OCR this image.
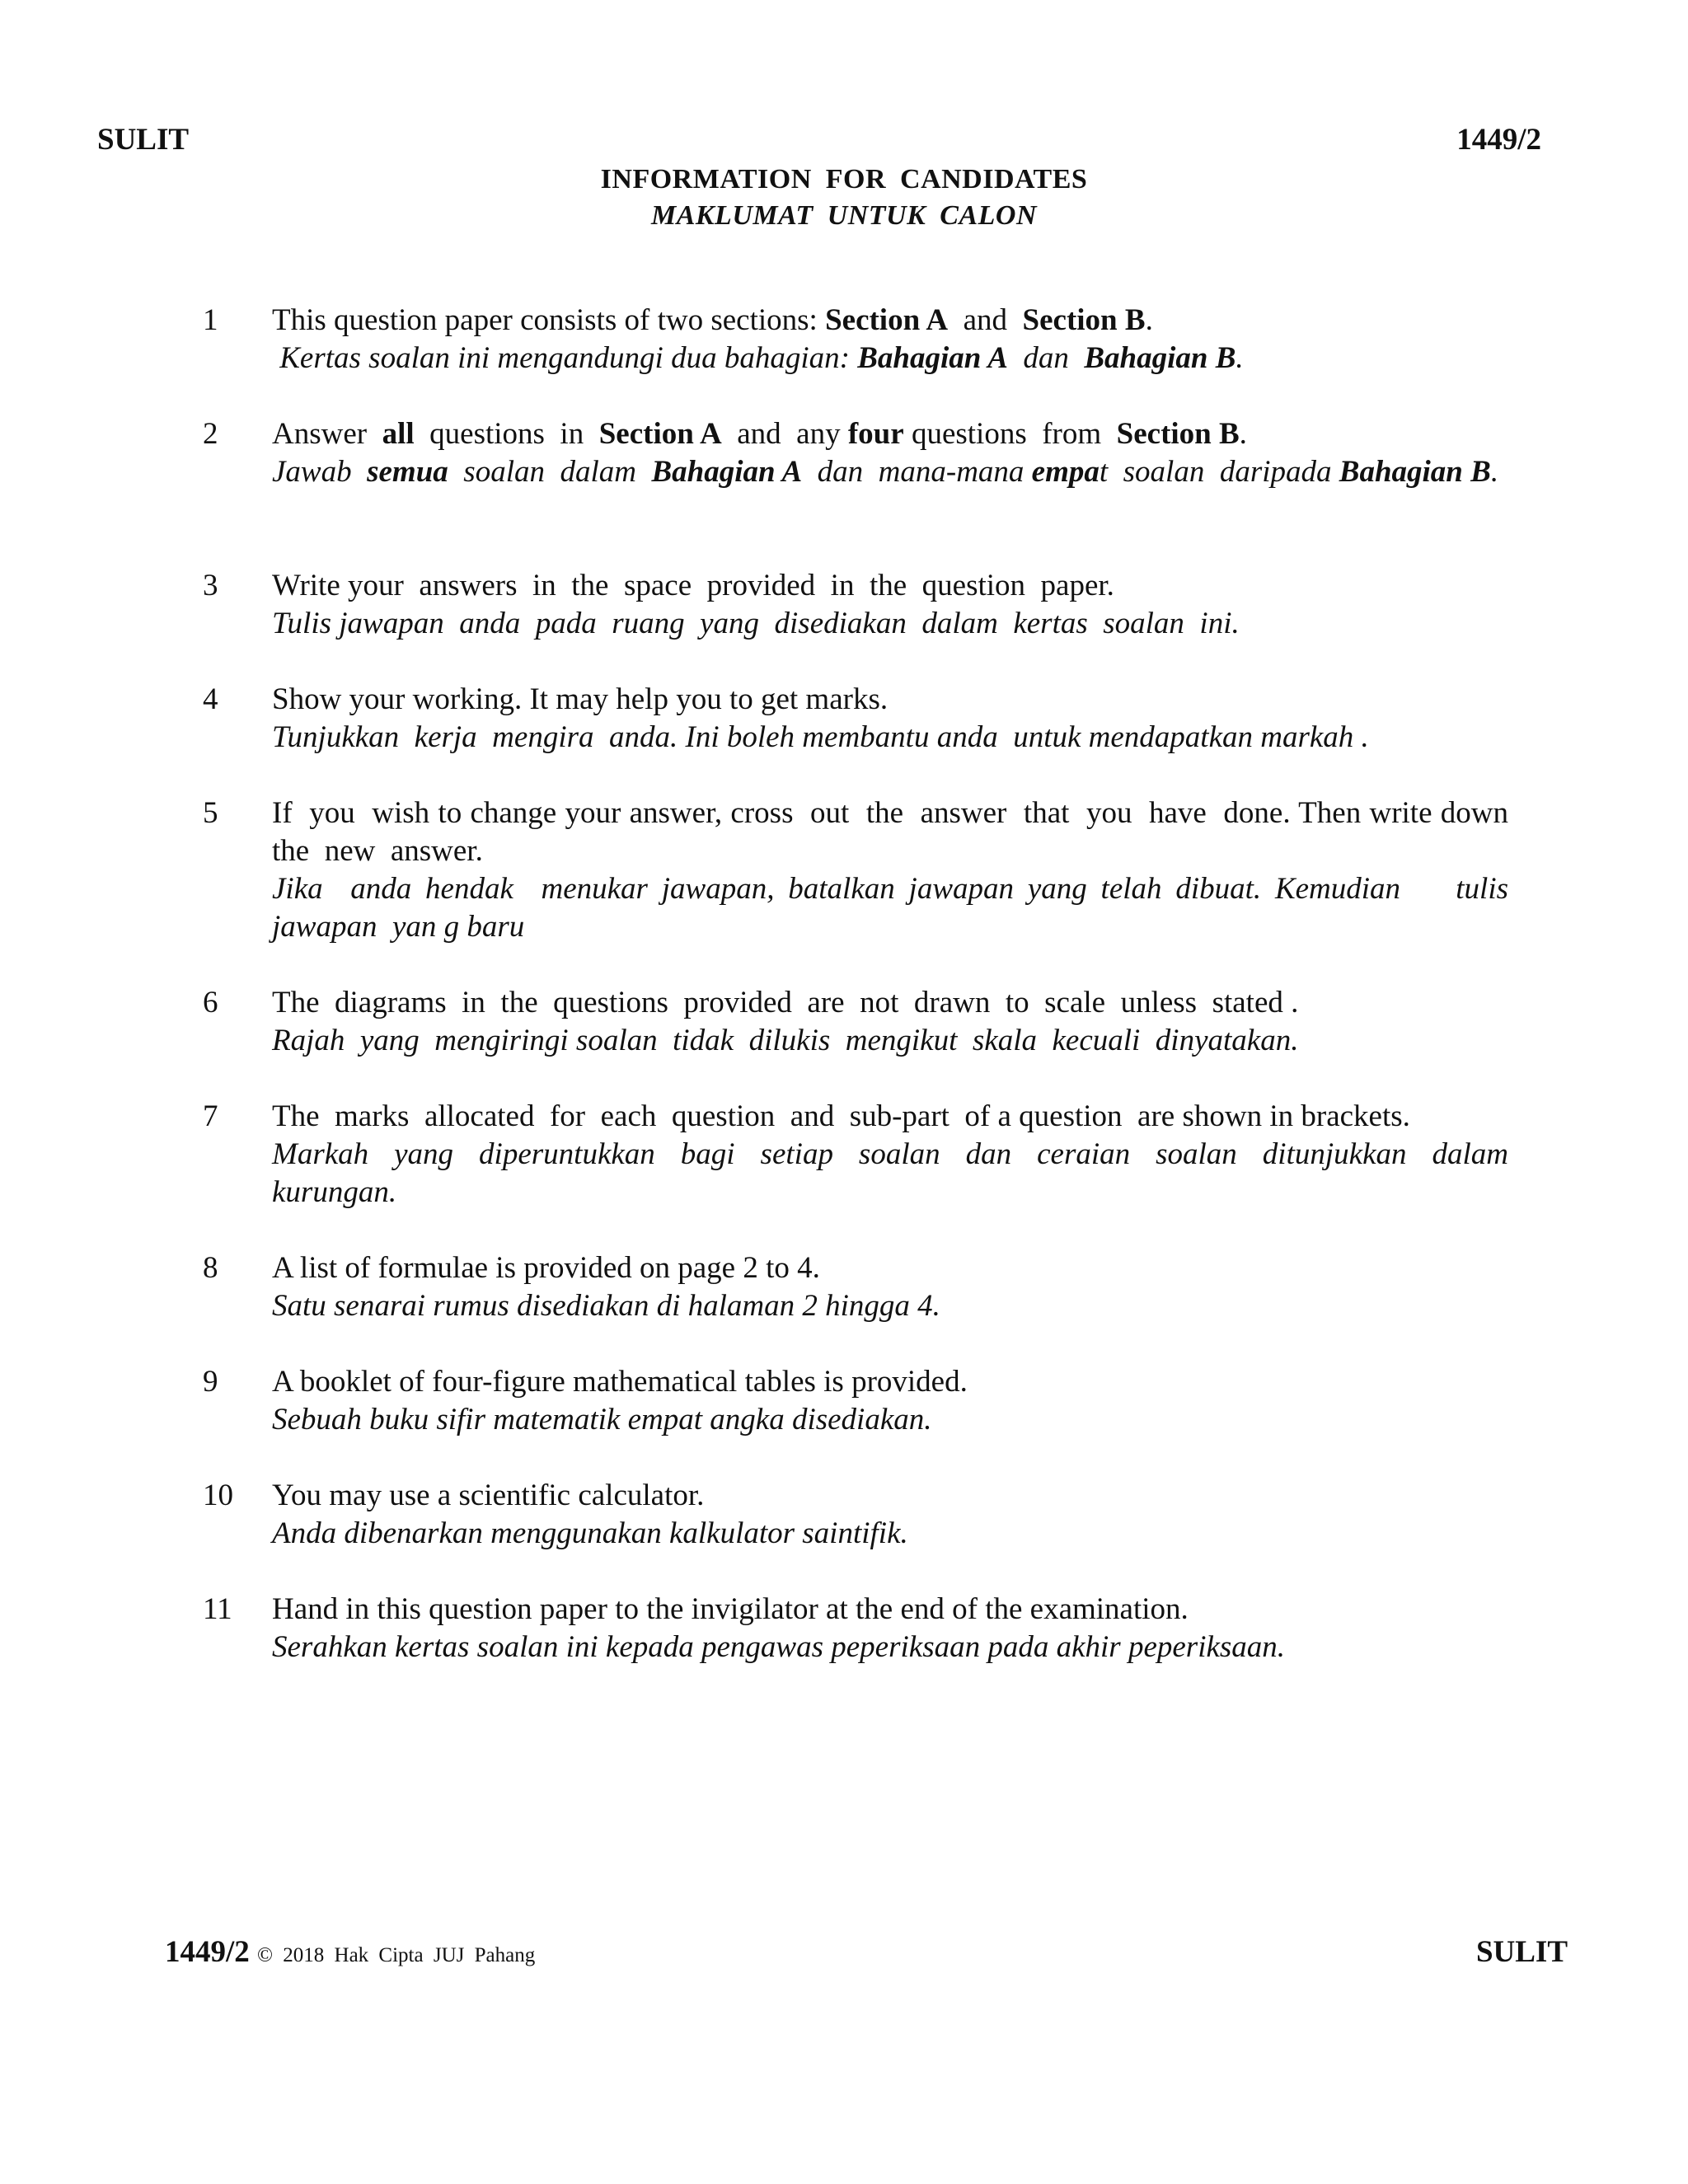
SULIT	1449/2
INFORMATION FOR CANDIDATES
MAKLUMAT UNTUK CALON
1	This question paper consists of two sections: Section A  and  Section B.
Kertas soalan ini mengandungi dua bahagian: Bahagian A  dan  Bahagian B.
2	Answer  all  questions  in  Section A  and  any four questions  from  Section B.
Jawab  semua  soalan  dalam  Bahagian A  dan  mana-mana empat  soalan  daripada Bahagian B.
3	Write your  answers  in  the  space  provided  in  the  question  paper.
Tulis jawapan  anda  pada  ruang  yang  disediakan  dalam  kertas  soalan  ini.
4	Show your working. It may help you to get marks.
Tunjukkan  kerja  mengira  anda. Ini boleh membantu anda  untuk mendapatkan markah .
5	If  you  wish to change your answer, cross  out  the  answer  that  you  have  done. Then write down  the  new  answer.
Jika  anda hendak  menukar jawapan, batalkan jawapan yang telah dibuat. Kemudian    tulis jawapan  yan g baru
6	The  diagrams  in  the  questions  provided  are  not  drawn  to  scale  unless  stated .
Rajah  yang  mengiringi soalan  tidak  dilukis  mengikut  skala  kecuali  dinyatakan.
7	The  marks  allocated  for  each  question  and  sub-part  of a question  are shown in brackets.
Markah  yang  diperuntukkan  bagi  setiap  soalan  dan  ceraian  soalan  ditunjukkan  dalam kurungan.
8	A list of formulae is provided on page 2 to 4.
Satu senarai rumus disediakan di halaman 2 hingga 4.
9	A booklet of four-figure mathematical tables is provided.
Sebuah buku sifir matematik empat angka disediakan.
10 You may use a scientific calculator.
Anda dibenarkan menggunakan kalkulator saintifik.
11 Hand in this question paper to the invigilator at the end of the examination.
Serahkan kertas soalan ini kepada pengawas peperiksaan pada akhir peperiksaan.
1449/2 © 2018 Hak Cipta JUJ Pahang	SULIT
